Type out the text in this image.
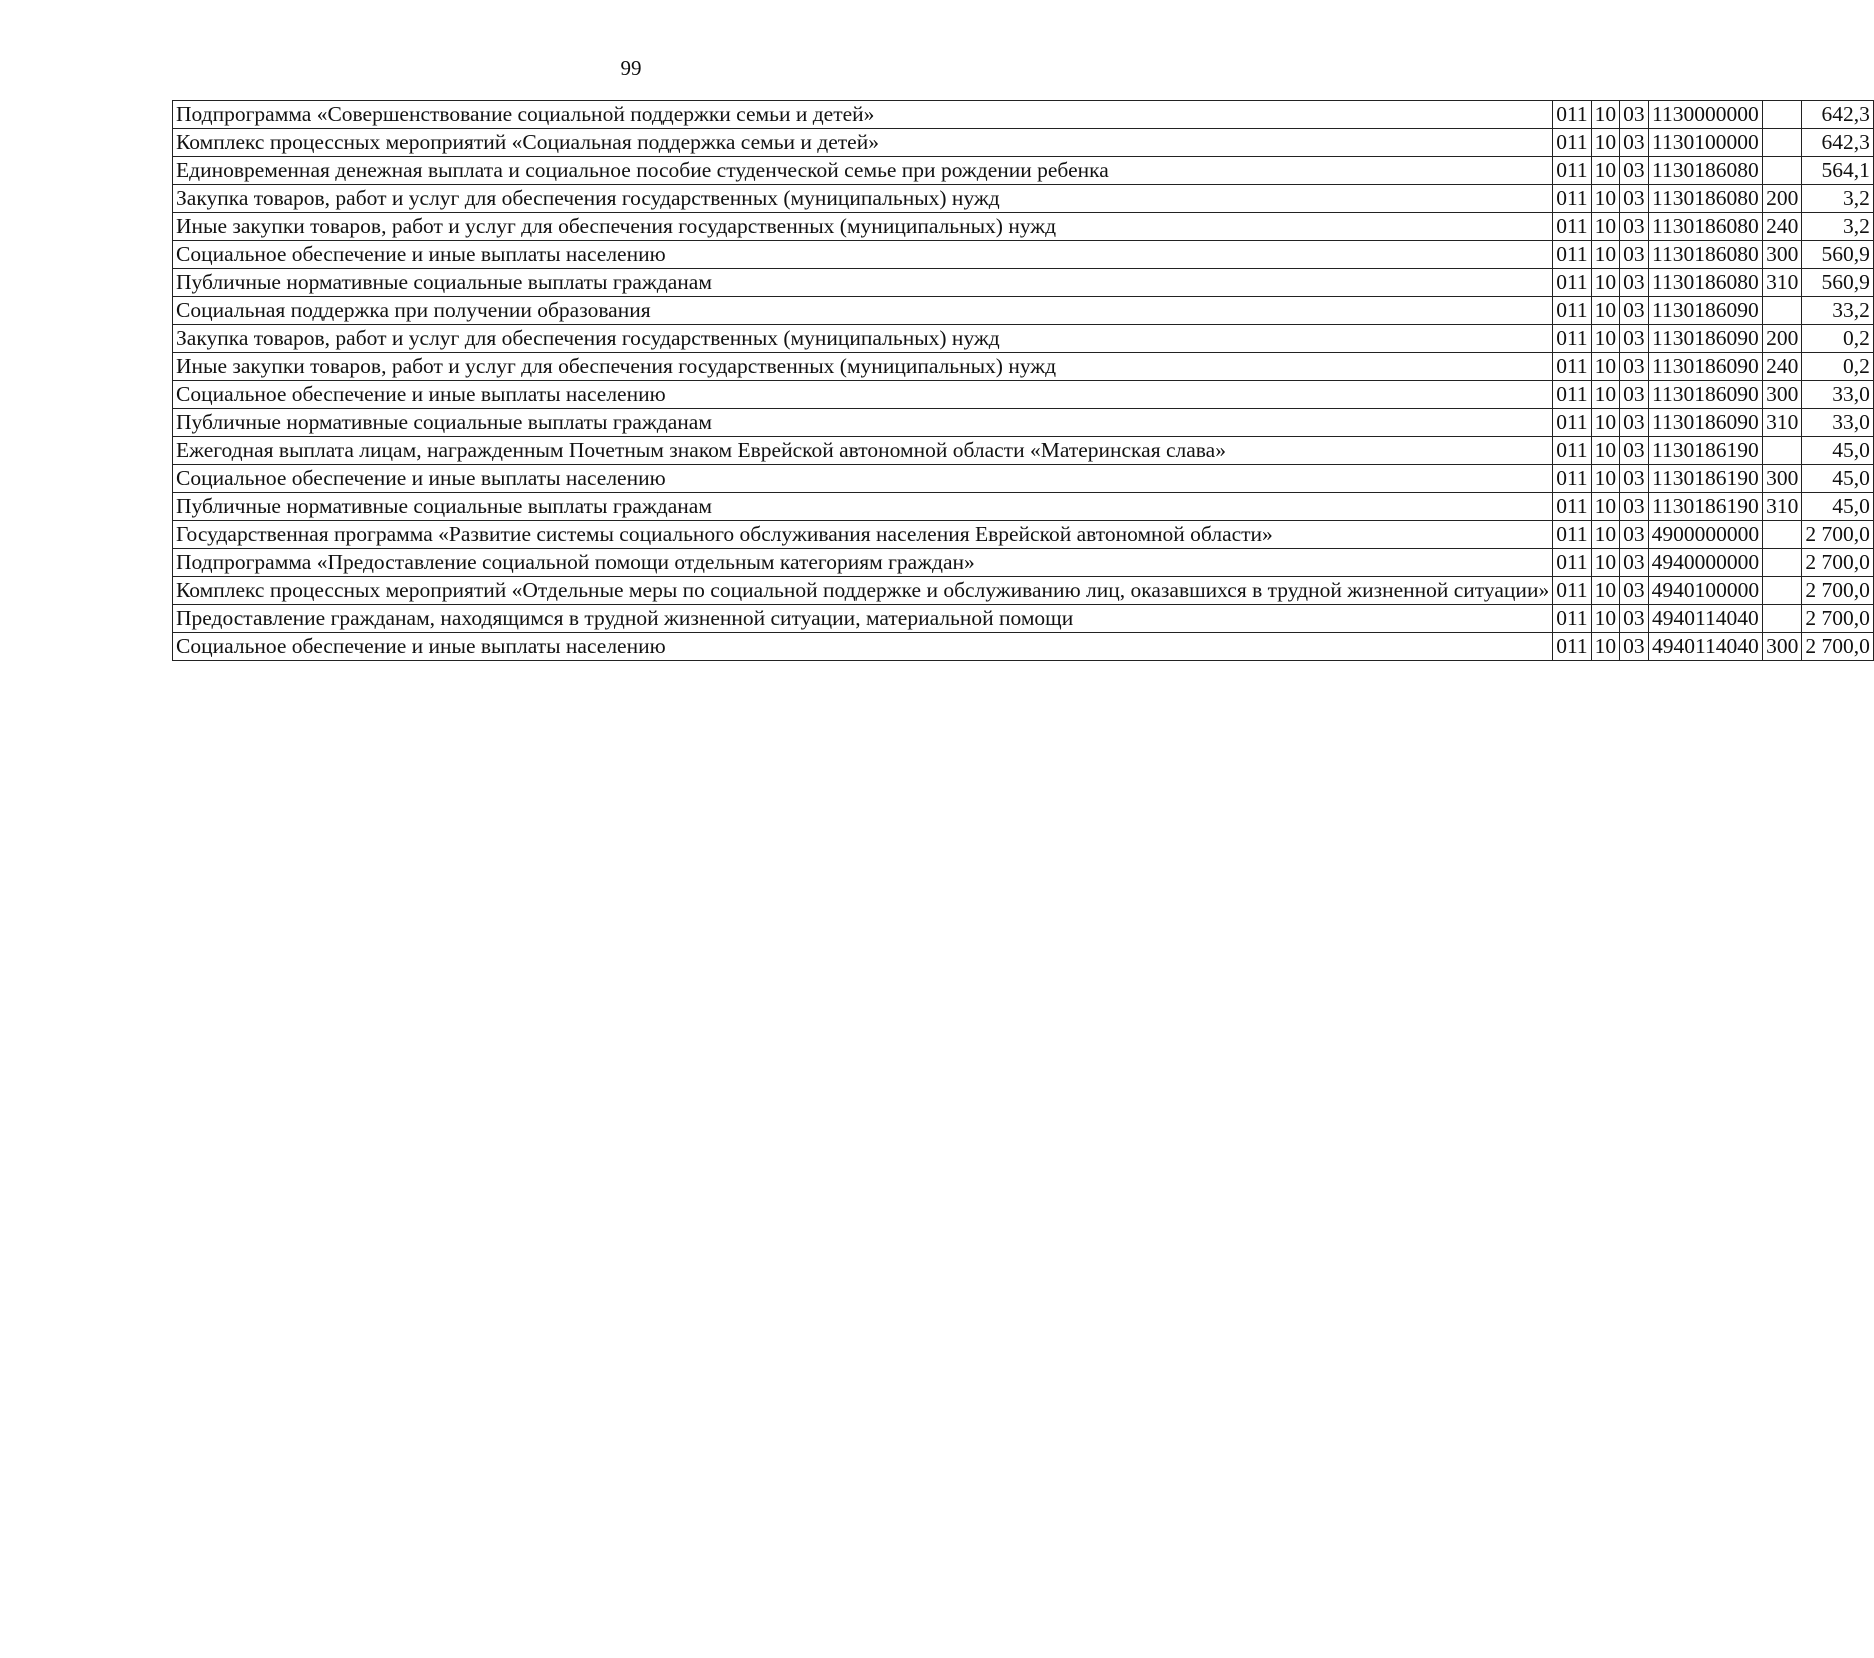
99
Подпрограмма «Совершенствование социальной поддержки семьи и детей»	011	10	03	1130000000		642,3
Комплекс процессных мероприятий «Социальная поддержка семьи и детей»	011	10	03	1130100000		642,3
Единовременная денежная выплата и социальное пособие студенческой семье при рождении ребенка	011	10	03	1130186080		564,1
Закупка товаров, работ и услуг для обеспечения государственных (муниципальных) нужд	011	10	03	1130186080	200	3,2
Иные закупки товаров, работ и услуг для обеспечения государственных (муниципальных) нужд	011	10	03	1130186080	240	3,2
Социальное обеспечение и иные выплаты населению	011	10	03	1130186080	300	560,9
Публичные нормативные социальные выплаты гражданам	011	10	03	1130186080	310	560,9
Социальная поддержка при получении образования	011	10	03	1130186090		33,2
Закупка товаров, работ и услуг для обеспечения государственных (муниципальных) нужд	011	10	03	1130186090	200	0,2
Иные закупки товаров, работ и услуг для обеспечения государственных (муниципальных) нужд	011	10	03	1130186090	240	0,2
Социальное обеспечение и иные выплаты населению	011	10	03	1130186090	300	33,0
Публичные нормативные социальные выплаты гражданам	011	10	03	1130186090	310	33,0
Ежегодная выплата лицам, награжденным Почетным знаком Еврейской автономной области «Материнская слава»	011	10	03	1130186190		45,0
Социальное обеспечение и иные выплаты населению	011	10	03	1130186190	300	45,0
Публичные нормативные социальные выплаты гражданам	011	10	03	1130186190	310	45,0
Государственная программа «Развитие системы социального обслуживания населения Еврейской автономной области»	011	10	03	4900000000		2 700,0
Подпрограмма «Предоставление социальной помощи отдельным категориям граждан»	011	10	03	4940000000		2 700,0
Комплекс процессных мероприятий «Отдельные меры по социальной поддержке и обслуживанию лиц, оказавшихся в трудной жизненной ситуации»	011	10	03	4940100000		2 700,0
Предоставление гражданам, находящимся в трудной жизненной ситуации, материальной помощи	011	10	03	4940114040		2 700,0
Социальное обеспечение и иные выплаты населению	011	10	03	4940114040	300	2 700,0
